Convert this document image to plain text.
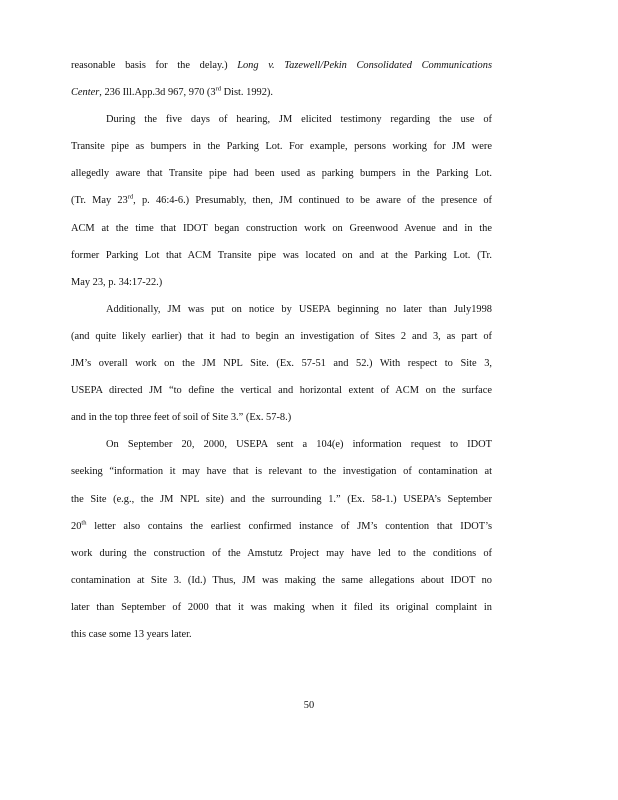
reasonable basis for the delay.) Long v. Tazewell/Pekin Consolidated Communications
Center, 236 Ill.App.3d 967, 970 (3rd Dist. 1992).

During the five days of hearing, JM elicited testimony regarding the use of
Transite pipe as bumpers in the Parking Lot. For example, persons working for JM were
allegedly aware that Transite pipe had been used as parking bumpers in the Parking Lot.
(Tr. May 23rd, p. 46:4-6.) Presumably, then, JM continued to be aware of the presence of
ACM at the time that IDOT began construction work on Greenwood Avenue and in the
former Parking Lot that ACM Transite pipe was located on and at the Parking Lot. (Tr.
May 23, p. 34:17-22.)

Additionally, JM was put on notice by USEPA beginning no later than July1998
(and quite likely earlier) that it had to begin an investigation of Sites 2 and 3, as part of
JM’s overall work on the JM NPL Site. (Ex. 57-51 and 52.) With respect to Site 3,
USEPA directed JM “to define the vertical and horizontal extent of ACM on the surface
and in the top three feet of soil of Site 3.” (Ex. 57-8.)

On September 20, 2000, USEPA sent a 104(e) information request to IDOT
seeking “information it may have that is relevant to the investigation of contamination at
the Site (e.g., the JM NPL site) and the surrounding 1.” (Ex. 58-1.) USEPA’s September
20th letter also contains the earliest confirmed instance of JM’s contention that IDOT’s
work during the construction of the Amstutz Project may have led to the conditions of
contamination at Site 3. (Id.) Thus, JM was making the same allegations about IDOT no
later than September of 2000 that it was making when it filed its original complaint in
this case some 13 years later.

50
